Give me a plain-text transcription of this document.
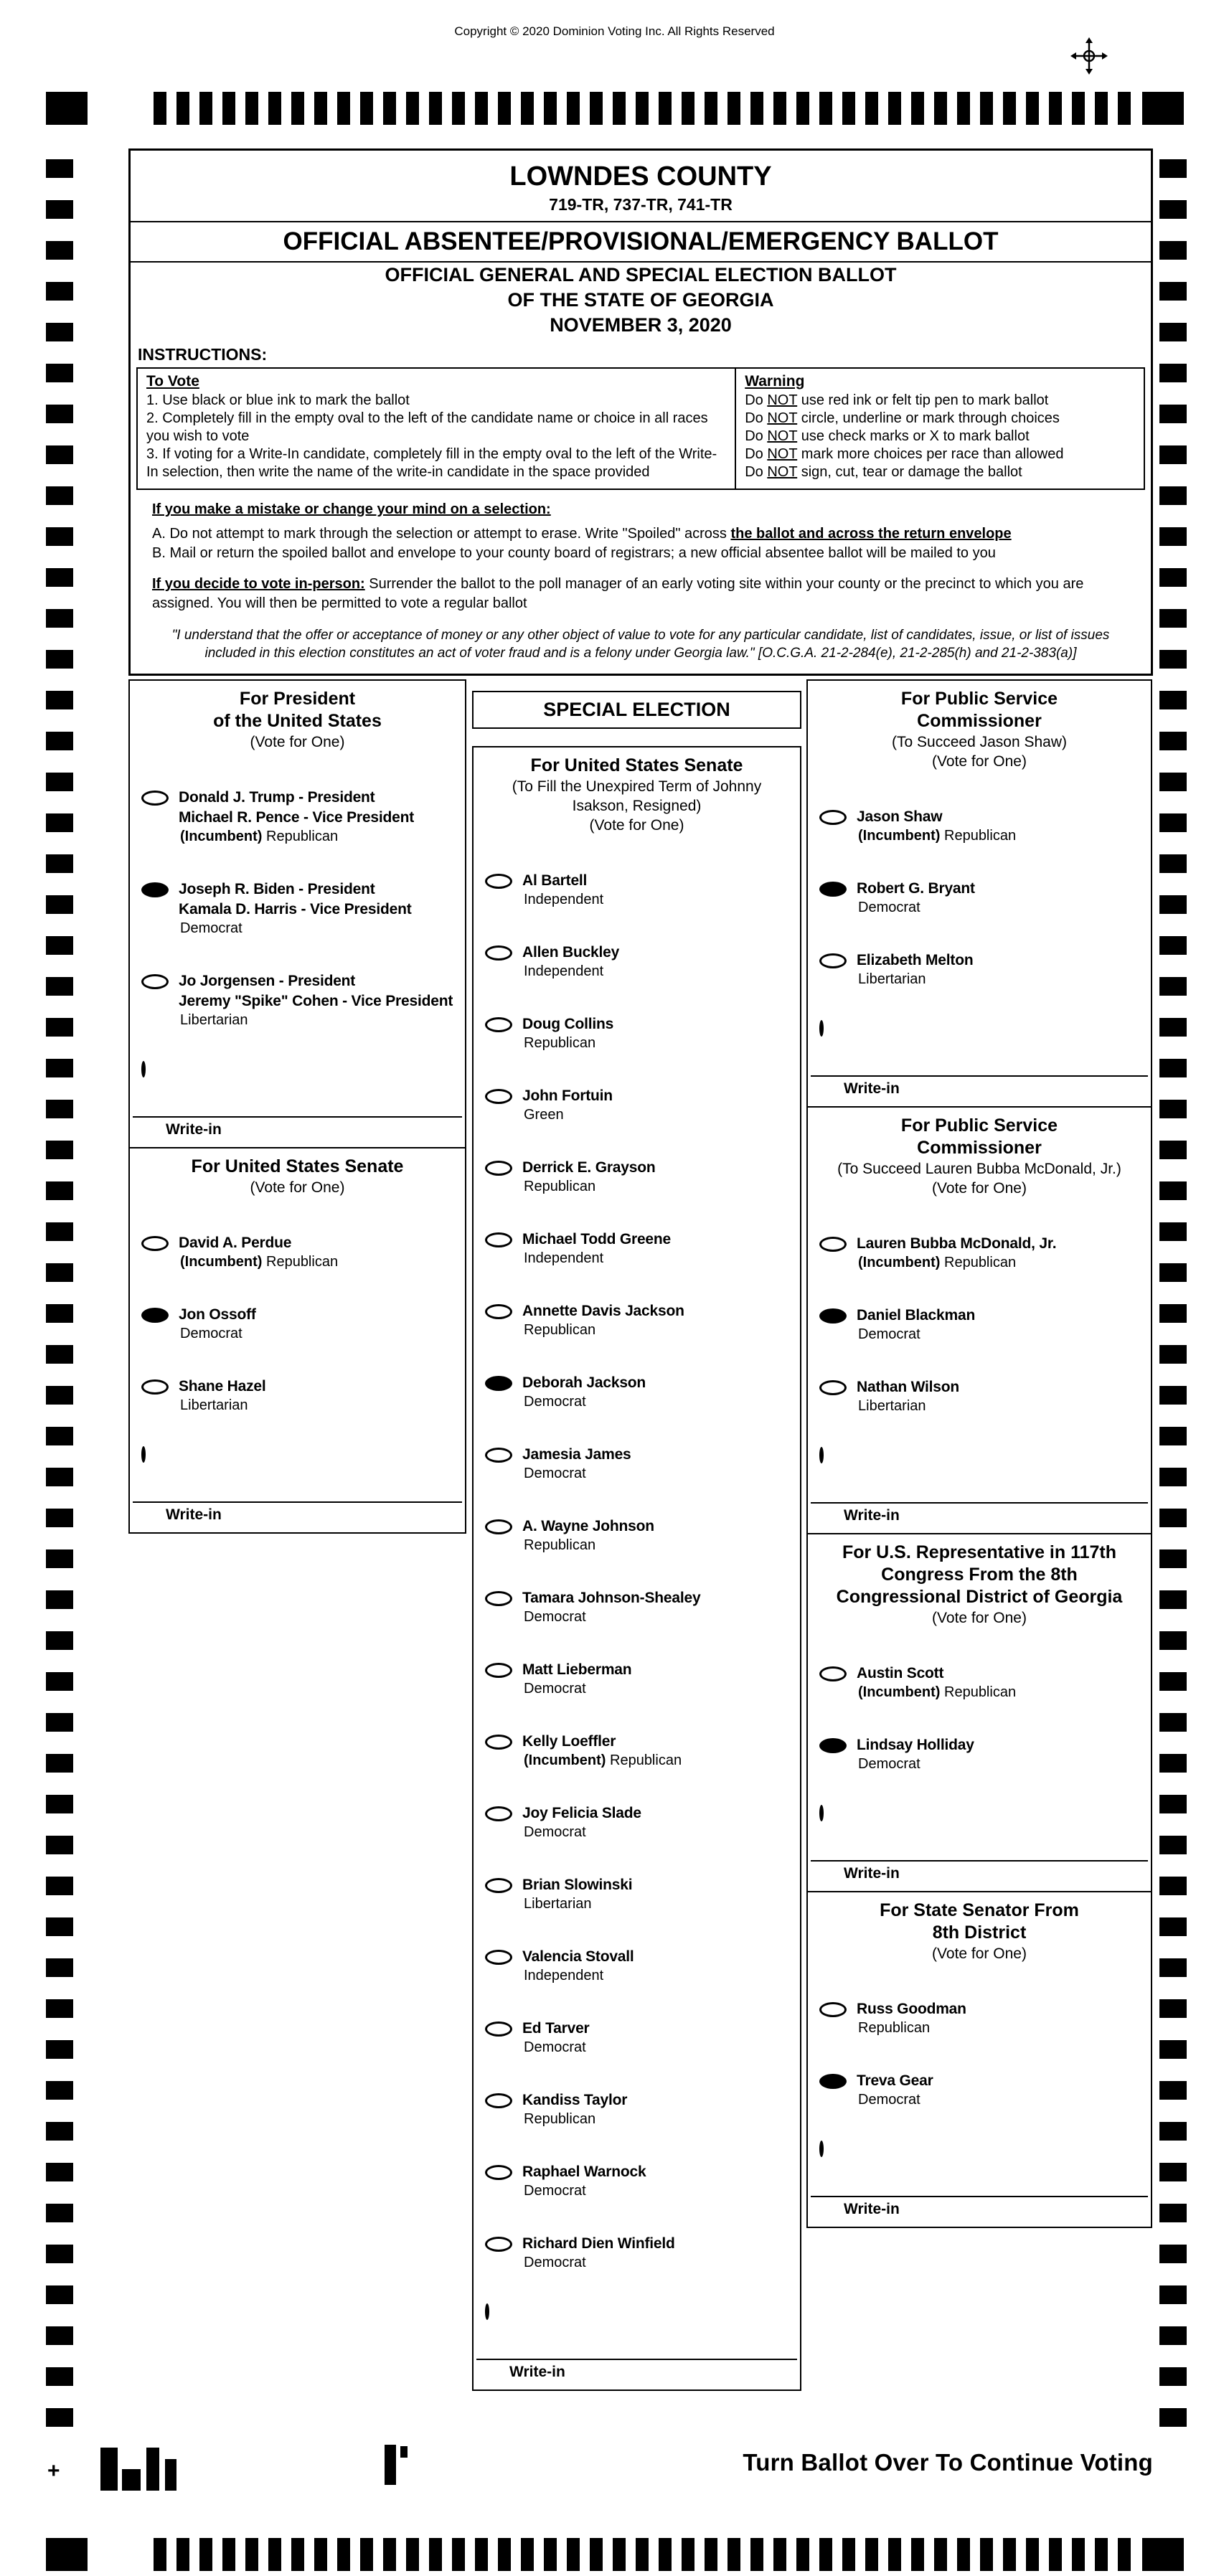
Copyright © 2020 Dominion Voting Inc. All Rights Reserved
LOWNDES COUNTY
719-TR, 737-TR, 741-TR
OFFICIAL ABSENTEE/PROVISIONAL/EMERGENCY BALLOT
OFFICIAL GENERAL AND SPECIAL ELECTION BALLOT
OF THE STATE OF GEORGIA
NOVEMBER 3, 2020
INSTRUCTIONS:
To Vote
1. Use black or blue ink to mark the ballot
2. Completely fill in the empty oval to the left of the candidate name or choice in all races you wish to vote
3. If voting for a Write-In candidate, completely fill in the empty oval to the left of the Write-In selection, then write the name of the write-in candidate in the space provided
Warning
Do NOT use red ink or felt tip pen to mark ballot
Do NOT circle, underline or mark through choices
Do NOT use check marks or X to mark ballot
Do NOT mark more choices per race than allowed
Do NOT sign, cut, tear or damage the ballot
If you make a mistake or change your mind on a selection:
A. Do not attempt to mark through the selection or attempt to erase. Write "Spoiled" across the ballot and across the return envelope
B. Mail or return the spoiled ballot and envelope to your county board of registrars; a new official absentee ballot will be mailed to you
If you decide to vote in-person: Surrender the ballot to the poll manager of an early voting site within your county or the precinct to which you are assigned. You will then be permitted to vote a regular ballot
"I understand that the offer or acceptance of money or any other object of value to vote for any particular candidate, list of candidates, issue, or list of issues included in this election constitutes an act of voter fraud and is a felony under Georgia law." [O.C.G.A. 21-2-284(e), 21-2-285(h) and 21-2-383(a)]
For President
of the United States
(Vote for One)
Donald J. Trump - President
Michael R. Pence - Vice President
(Incumbent) Republican
Joseph R. Biden - President
Kamala D. Harris - Vice President
Democrat
Jo Jorgensen - President
Jeremy "Spike" Cohen - Vice President
Libertarian
Write-in
For United States Senate
(Vote for One)
David A. Perdue
(Incumbent) Republican
Jon Ossoff
Democrat
Shane Hazel
Libertarian
Write-in
SPECIAL ELECTION
For United States Senate
(To Fill the Unexpired Term of Johnny
Isakson, Resigned)
(Vote for One)
Al Bartell
Independent
Allen Buckley
Independent
Doug Collins
Republican
John Fortuin
Green
Derrick E. Grayson
Republican
Michael Todd Greene
Independent
Annette Davis Jackson
Republican
Deborah Jackson
Democrat
Jamesia James
Democrat
A. Wayne Johnson
Republican
Tamara Johnson-Shealey
Democrat
Matt Lieberman
Democrat
Kelly Loeffler
(Incumbent) Republican
Joy Felicia Slade
Democrat
Brian Slowinski
Libertarian
Valencia Stovall
Independent
Ed Tarver
Democrat
Kandiss Taylor
Republican
Raphael Warnock
Democrat
Richard Dien Winfield
Democrat
Write-in
For Public Service
Commissioner
(To Succeed Jason Shaw)
(Vote for One)
Jason Shaw
(Incumbent) Republican
Robert G. Bryant
Democrat
Elizabeth Melton
Libertarian
Write-in
For Public Service
Commissioner
(To Succeed Lauren Bubba McDonald, Jr.)
(Vote for One)
Lauren Bubba McDonald, Jr.
(Incumbent) Republican
Daniel Blackman
Democrat
Nathan Wilson
Libertarian
Write-in
For U.S. Representative in 117th
Congress From the 8th
Congressional District of Georgia
(Vote for One)
Austin Scott
(Incumbent) Republican
Lindsay Holliday
Democrat
Write-in
For State Senator From
8th District
(Vote for One)
Russ Goodman
Republican
Treva Gear
Democrat
Write-in
+	Turn Ballot Over To Continue Voting
